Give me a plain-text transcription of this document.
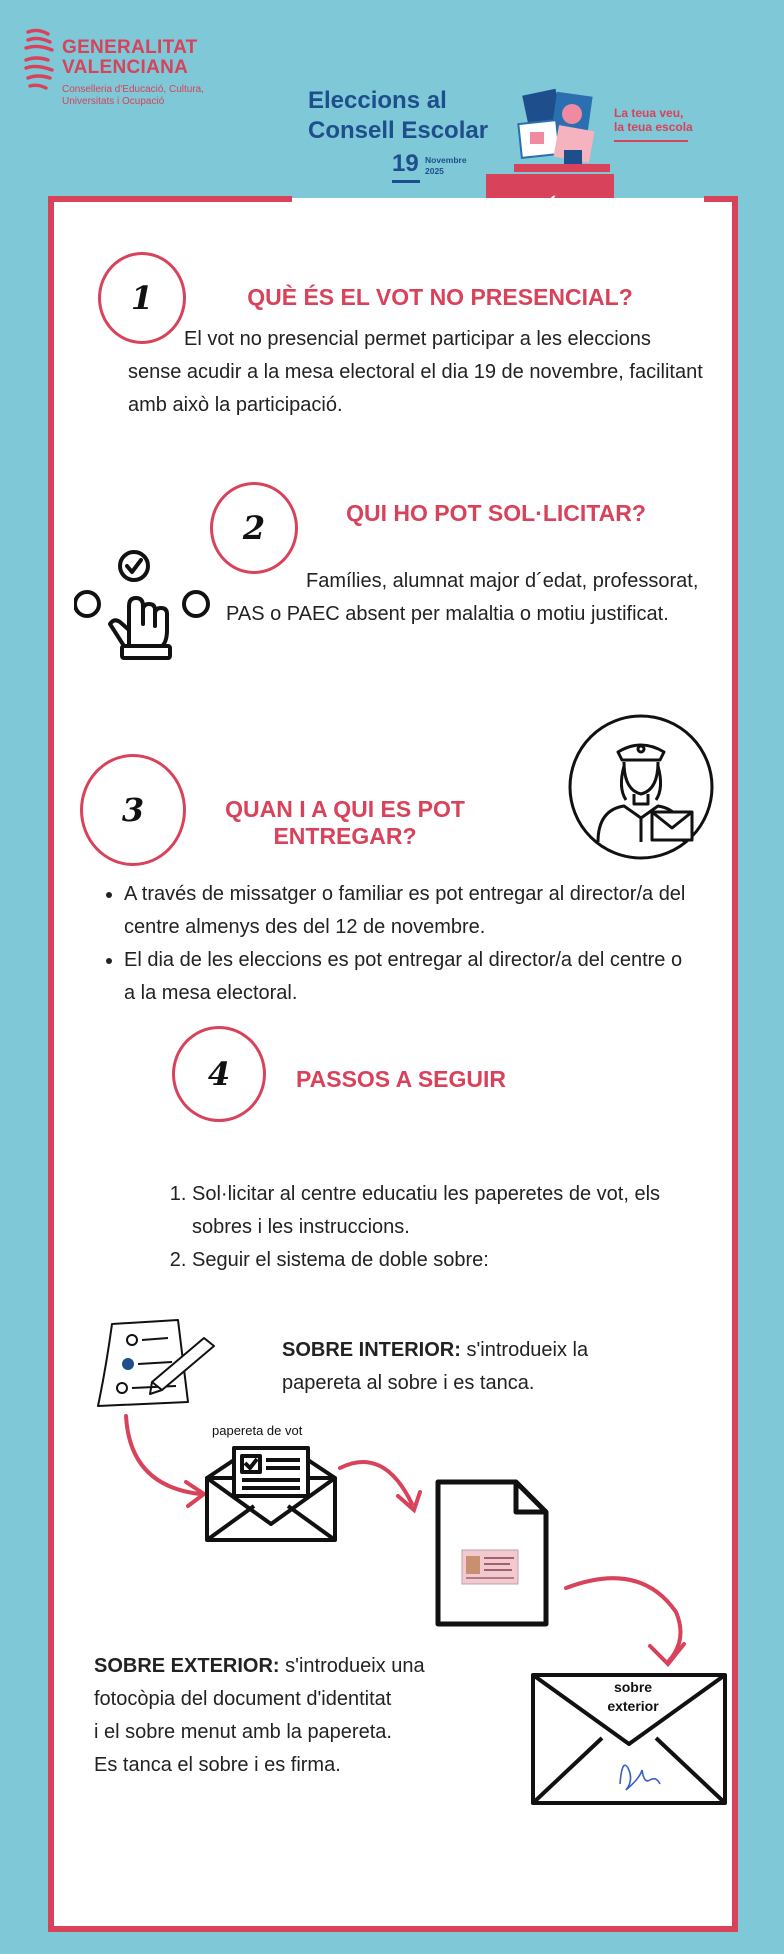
GENERALITAT
VALENCIANA
Conselleria d'Educació, Cultura,
Universitats i Ocupació	Eleccions al
Consell Escolar
19 Novembre
2025
La teua veu,
la teua escola
1	QUÈ ÉS EL VOT NO PRESENCIAL?
El vot no presencial permet participar a les eleccions sense acudir a la mesa electoral el dia 19 de novembre, facilitant amb això la participació.
2	QUI HO POT SOL·LICITAR?
Famílies, alumnat major d´edat, professorat, PAS o PAEC absent per malaltia o motiu justificat.
3	QUAN I A QUI ES POT
ENTREGAR?
• A través de missatger o familiar es pot entregar al director/a del centre almenys des del 12 de novembre.
• El dia de les eleccions es pot entregar al director/a del centre o a la mesa electoral.
4	PASSOS A SEGUIR
1. Sol·licitar al centre educatiu les paperetes de vot, els sobres i les instruccions.
2. Seguir el sistema de doble sobre:
SOBRE INTERIOR: s'introdueix la papereta al sobre i es tanca.
papereta de vot
SOBRE EXTERIOR: s'introdueix una
fotocòpia del document d'identitat
i el sobre menut amb la papereta.
Es tanca el sobre i es firma.
sobre
exterior
